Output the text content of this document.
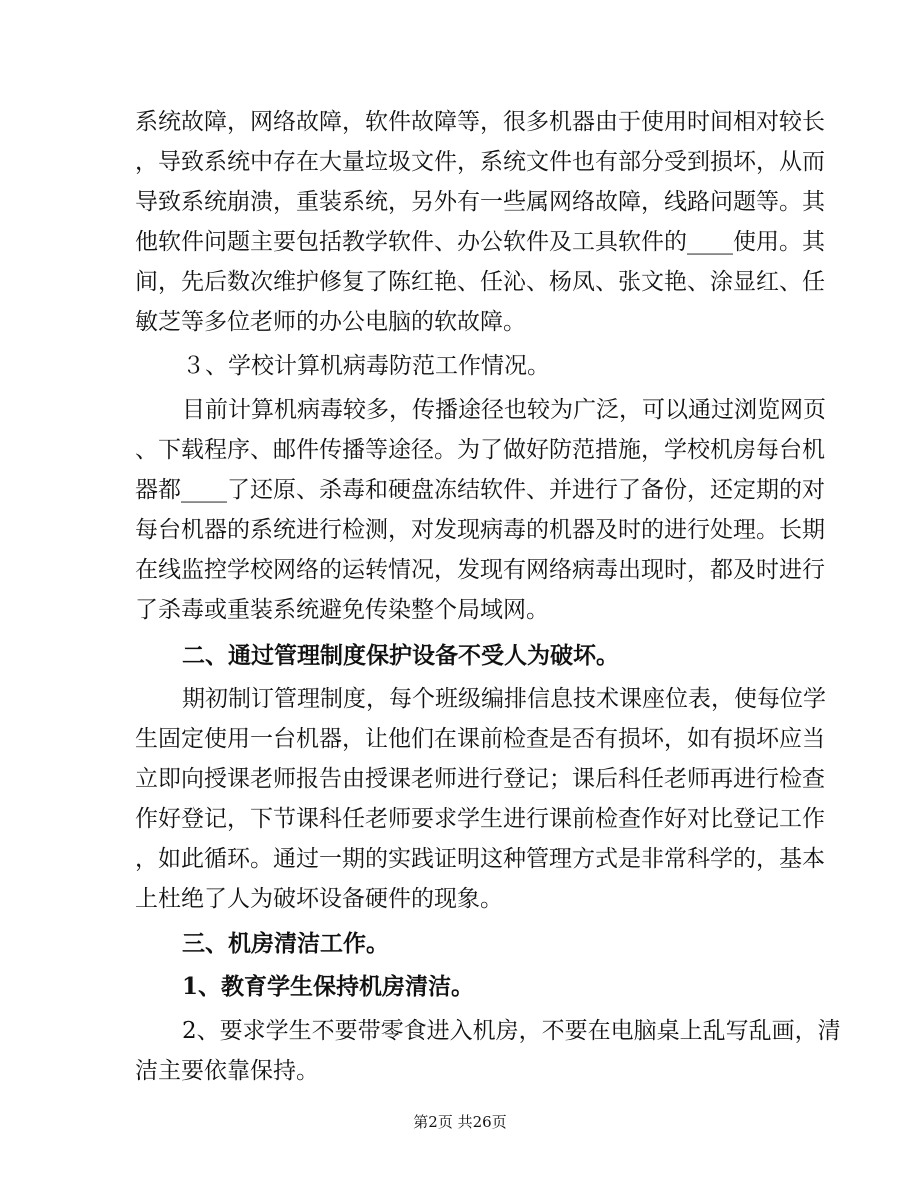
系统故障，网络故障，软件故障等，很多机器由于使用时间相对较长
，导致系统中存在大量垃圾文件，系统文件也有部分受到损坏，从而
导致系统崩溃，重装系统，另外有一些属网络故障，线路问题等。其
他软件问题主要包括教学软件、办公软件及工具软件的____使用。其
间，先后数次维护修复了陈红艳、任沁、杨凤、张文艳、涂显红、任
敏芝等多位老师的办公电脑的软故障。
３、学校计算机病毒防范工作情况。
目前计算机病毒较多，传播途径也较为广泛，可以通过浏览网页
、下载程序、邮件传播等途径。为了做好防范措施，学校机房每台机
器都____了还原、杀毒和硬盘冻结软件、并进行了备份，还定期的对
每台机器的系统进行检测，对发现病毒的机器及时的进行处理。长期
在线监控学校网络的运转情况，发现有网络病毒出现时，都及时进行
了杀毒或重装系统避免传染整个局域网。
二、通过管理制度保护设备不受人为破坏。
期初制订管理制度，每个班级编排信息技术课座位表，使每位学
生固定使用一台机器，让他们在课前检查是否有损坏，如有损坏应当
立即向授课老师报告由授课老师进行登记；课后科任老师再进行检查
作好登记，下节课科任老师要求学生进行课前检查作好对比登记工作
，如此循环。通过一期的实践证明这种管理方式是非常科学的，基本
上杜绝了人为破坏设备硬件的现象。
三、机房清洁工作。
1、教育学生保持机房清洁。
2、要求学生不要带零食进入机房，不要在电脑桌上乱写乱画，清
洁主要依靠保持。
第2页 共26页
